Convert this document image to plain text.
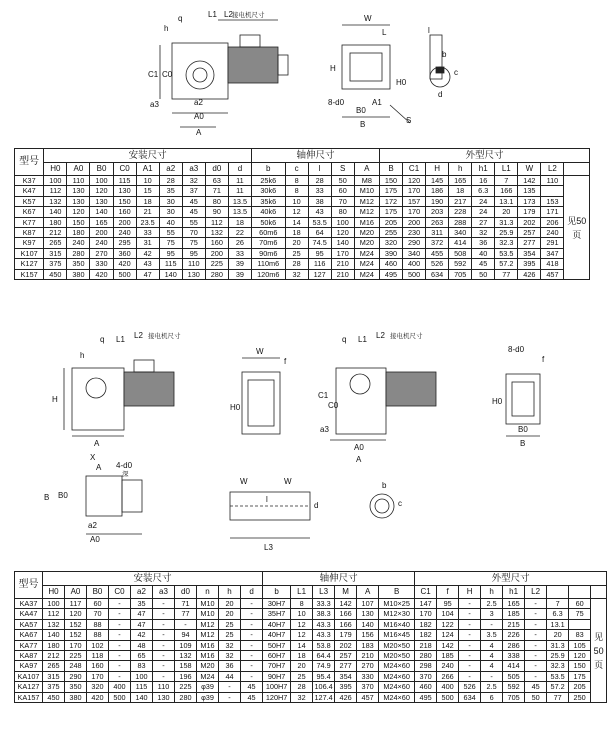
L1 L2
h
q
C1 C0
a2
A0
A
a3
W
L
H
H0
8-d0
B0
B
A1
S
l
d
c
b
接电机尺寸
型号	安装尺寸									轴伸尺寸					外型尺寸								
	H0	A0	B0	C0	A1	a2	a3	d0	d	b	c	l	S	A	B	C1	H	h	h1	L1	W	L2	
K37	100	110	100	115	10	28	32	63	11	25k6	8	28	50	M8	150	120	145	165	16	7	142	110	见50页
K47	112	130	120	130	15	35	37	71	11	30k6	8	33	60	M10	175	170	186	18	6.3	166	135		
K57	132	130	130	150	18	30	45	80	13.5	35k6	10	38	70	M12	172	157	190	217	24	13.1	173	153	
K67	140	120	140	160	21	30	45	90	13.5	40k6	12	43	80	M12	175	170	203	228	24	20	179	171	
K77	180	150	165	200	23.5	40	55	112	18	50k6	14	53.5	100	M16	205	200	263	288	27	31.3	202	206	
K87	212	180	200	240	33	55	70	132	22	60m6	18	64	120	M20	255	230	311	340	32	25.9	257	240	
K97	265	240	240	295	31	75	75	160	26	70m6	20	74.5	140	M20	320	290	372	414	36	32.3	277	291	
K107	315	280	270	360	42	95	95	200	33	90m6	25	95	170	M24	390	340	455	508	40	53.5	354	347	
K127	375	350	330	420	43	115	110	225	39	110m6	28	116	210	M24	460	400	526	592	45	57.2	395	418	
K157	450	380	420	500	47	140	130	280	39	120m6	32	127	210	M24	495	500	634	705	50	77	426	457	
q L1 L2
H
h
A
X
A
W
H0
f
q L1 L2
C1
C0
a3
A0
A
f
8-d0
H0
B0
B
4-d0
B B0
A0
a2
W	W
l
L3
d
b
c
接电机尺寸	接电机尺寸
深
型号	安装尺寸										轴伸尺寸						外型尺寸								
	H0	A0	B0	C0	a2	a3	d0	n	h	d	b	L1	L3	M	A	B	C1	f	H	h	h1	L2			
KA37	100	117	60	-	35	-	71	M10	20	-	30H7	8	33.3	142	107	M10×25	147	95	-	2.5	165	-	7	60	见50页
KA47	112	120	70	-	47	-	77	M10	20	-	35H7	10	38.3	166	130	M12×30	170	104	-	3	185	-	6.3	75	
KA57	132	152	88	-	47	-	-	M12	25	-	40H7	12	43.3	166	140	M16×40	182	122	-	-	215	-	13.1		
KA67	140	152	88	-	42	-	94	M12	25	-	40H7	12	43.3	179	156	M16×45	182	124	-	3.5	226	-	20	83	
KA77	180	170	102	-	48	-	109	M16	32	-	50H7	14	53.8	202	183	M20×50	218	142	-	4	286	-	31.3	105	
KA87	212	225	118	-	65	-	132	M16	32	-	60H7	18	64.4	257	210	M20×50	280	185	-	4	338	-	25.9	120	
KA97	265	248	160	-	83	-	158	M20	36	-	70H7	20	74.9	277	270	M24×60	298	240	-	4	414	-	32.3	150	
KA107	315	290	170	-	100	-	196	M24	44	-	90H7	25	95.4	354	330	M24×60	370	266	-	-	505	-	53.5	175	
KA127	375	350	320	400	115	110	225	φ39	-	45	100H7	28	106.4	395	370	M24×60	460	400	526	2.5	592	45	57.2	205	
KA157	450	380	420	500	140	130	280	φ39	-	45	120H7	32	127.4	426	457	M24×60	495	500	634	6	705	50	77	250	
